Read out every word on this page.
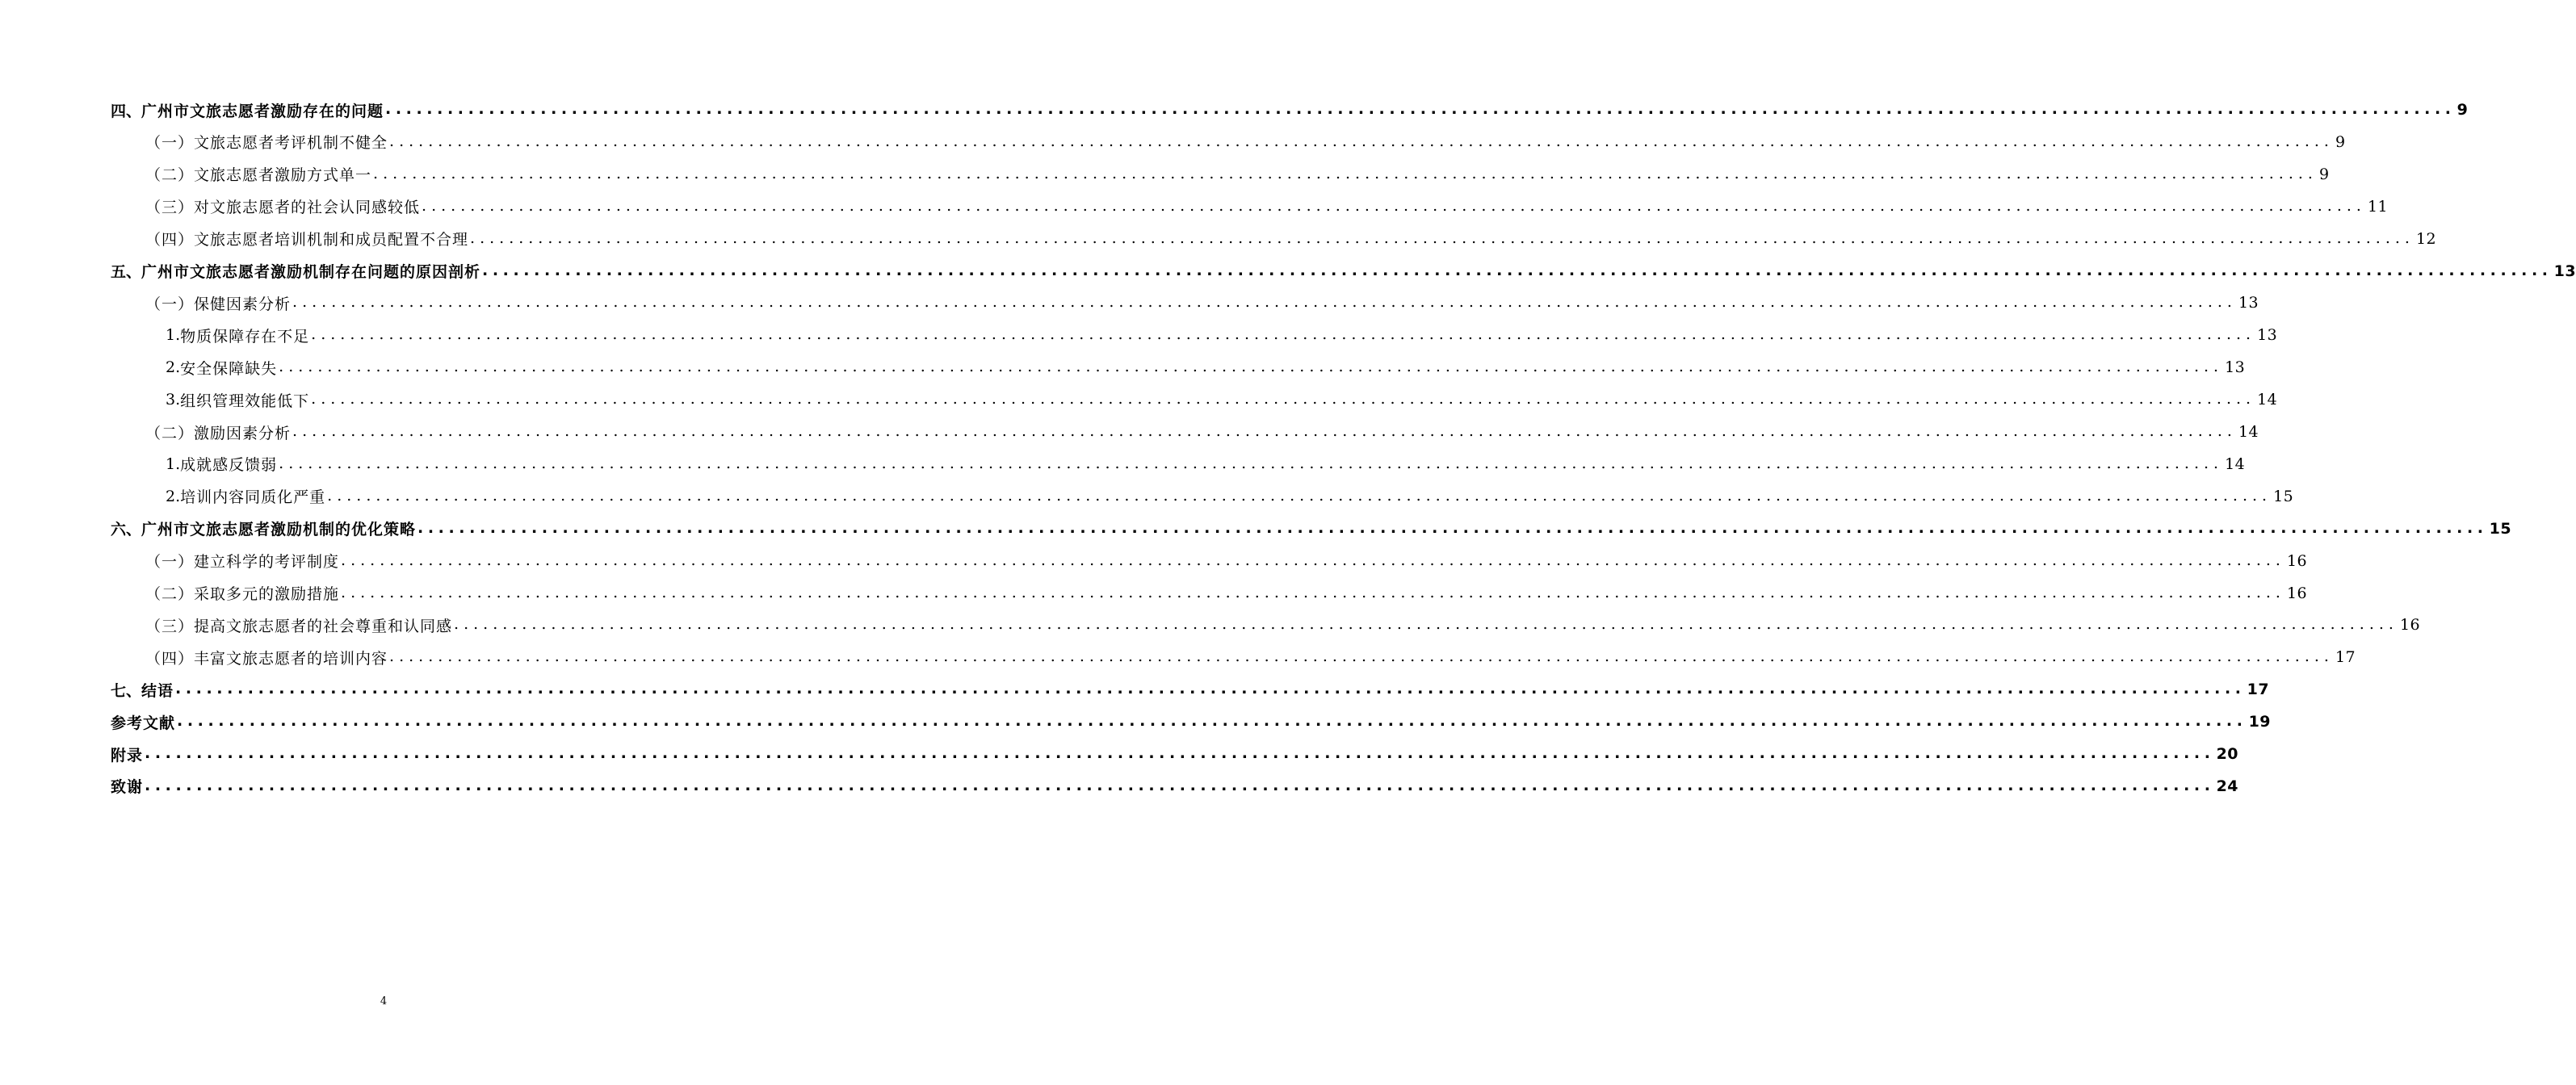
四、 广州市文旅志愿者激励存在的问题 ........................................................................................................................................................................................................ 9
（一） 文旅志愿者考评机制不健全 ........................................................................................................................................................................................................ 9
（二） 文旅志愿者激励方式单一 ........................................................................................................................................................................................................ 9
（三） 对文旅志愿者的社会认同感较低 ........................................................................................................................................................................................................ 11
（四） 文旅志愿者培训机制和成员配置不合理 ........................................................................................................................................................................................................ 12
五、 广州市文旅志愿者激励机制存在问题的原因剖析 ........................................................................................................................................................................................................ 13
（一） 保健因素分析 ........................................................................................................................................................................................................ 13
1. 物质保障存在不足 ........................................................................................................................................................................................................ 13
2. 安全保障缺失 ........................................................................................................................................................................................................ 13
3. 组织管理效能低下 ........................................................................................................................................................................................................ 14
（二） 激励因素分析 ........................................................................................................................................................................................................ 14
1. 成就感反馈弱 ........................................................................................................................................................................................................ 14
2. 培训内容同质化严重 ........................................................................................................................................................................................................ 15
六、 广州市文旅志愿者激励机制的优化策略 ........................................................................................................................................................................................................ 15
（一） 建立科学的考评制度 ........................................................................................................................................................................................................ 16
（二） 采取多元的激励措施 ........................................................................................................................................................................................................ 16
（三） 提高文旅志愿者的社会尊重和认同感 ........................................................................................................................................................................................................ 16
（四） 丰富文旅志愿者的培训内容 ........................................................................................................................................................................................................ 17
七、 结语 ........................................................................................................................................................................................................ 17
参考文献 ........................................................................................................................................................................................................ 19
附录 ........................................................................................................................................................................................................ 20
致谢 ........................................................................................................................................................................................................ 24
4
